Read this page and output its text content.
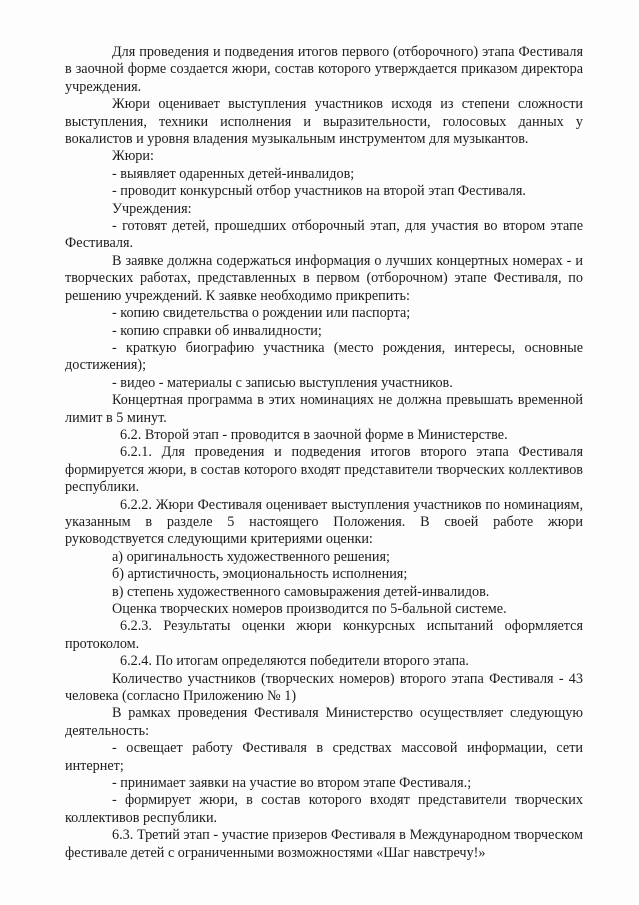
Для проведения и подведения итогов первого (отборочного) этапа Фестиваля в заочной форме создается жюри, состав которого утверждается приказом директора учреждения.

Жюри оценивает выступления участников исходя из степени сложности выступления, техники исполнения и выразительности, голосовых данных у вокалистов и уровня владения музыкальным инструментом для музыкантов.

Жюри:

- выявляет одаренных детей-инвалидов;

- проводит конкурсный отбор участников на второй этап Фестиваля.

Учреждения:

- готовят детей, прошедших отборочный этап, для участия во втором этапе Фестиваля.

В заявке должна содержаться информация о лучших концертных номерах - и творческих работах, представленных в первом (отборочном) этапе Фестиваля, по решению учреждений. К заявке необходимо прикрепить:

- копию свидетельства о рождении или паспорта;

- копию справки об инвалидности;

- краткую биографию участника (место рождения, интересы, основные достижения);

- видео - материалы с записью выступления участников.

Концертная программа в этих номинациях не должна превышать временной лимит в 5 минут.

6.2. Второй этап - проводится в заочной форме в Министерстве.

6.2.1. Для проведения и подведения итогов второго этапа Фестиваля формируется жюри, в состав которого входят представители творческих коллективов республики.

6.2.2. Жюри Фестиваля оценивает выступления участников по номинациям, указанным в разделе 5 настоящего Положения. В своей работе жюри руководствуется следующими критериями оценки:

а) оригинальность художественного решения;

б) артистичность, эмоциональность исполнения;

в) степень художественного самовыражения детей-инвалидов.

Оценка творческих номеров производится по 5-бальной системе.

6.2.3. Результаты оценки жюри конкурсных испытаний оформляется протоколом.

6.2.4. По итогам определяются победители второго этапа.

Количество участников (творческих номеров) второго этапа Фестиваля - 43 человека (согласно Приложению № 1)

В рамках проведения Фестиваля Министерство осуществляет следующую деятельность:

- освещает работу Фестиваля в средствах массовой информации, сети интернет;

- принимает заявки на участие во втором этапе Фестиваля.;

- формирует жюри, в состав которого входят представители творческих коллективов республики.

6.3. Третий этап - участие призеров Фестиваля в Международном творческом фестивале детей с ограниченными возможностями «Шаг навстречу!»
